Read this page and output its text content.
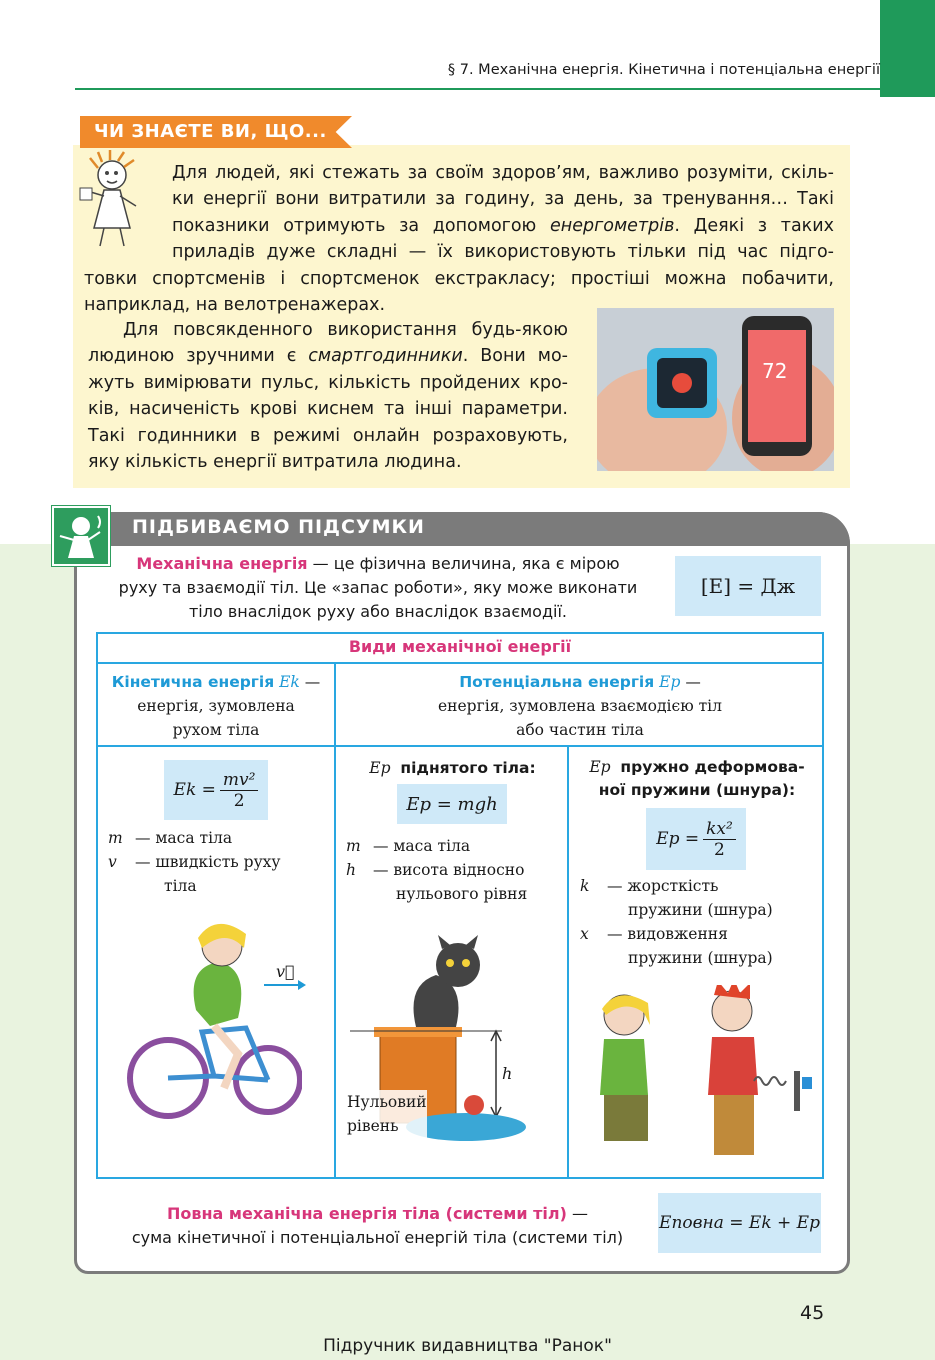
§ 7. Механічна енергія. Кінетична і потенціальна енергії
ЧИ ЗНАЄТЕ ВИ, ЩО...
Для людей, які стежать за своїм здоров’ям, важливо розуміти, скіль-
ки енергії вони витратили за годину, за день, за тренування… Такі
показники отримують за допомогою енергометрів. Деякі з таких
приладів дуже складні — їх використовують тільки під час підго-
товки спортсменів і спортсменок екстракласу; простіші можна побачити,
наприклад, на велотренажерах.
Для повсякденного використання будь-якою
людиною зручними є смартгодинники. Вони мо-
жуть вимірювати пульс, кількість пройдених кро-
ків, насиченість крові киснем та інші параметри.
Такі годинники в режимі онлайн розраховують,
яку кількість енергії витратила людина.
72
ПІДБИВАЄМО ПІДСУМКИ
Механічна енергія — це фізична величина, яка є мірою
руху та взаємодії тіл. Це «запас роботи», яку може виконати
тіло внаслідок руху або внаслідок взаємодії.
[E] = Дж
Види механічної енергії
Кінетична енергія Ek —
енергія, зумовлена
рухом тіла
Потенціальна енергія Ep —
енергія, зумовлена взаємодією тіл
або частин тіла
$Ek = \frac{\text{mv²}}{2}$
m — маса тіла
v — швидкість руху
тіла
v⃗
Ep піднятого тіла:
Ep = mgh
m — маса тіла
h — висота відносно
нульового рівня
h
Нульовий
рівень
Ep пружно деформова-
ної пружини (шнура):
$Ep = \frac{\text{kx²}}{2}$
k — жорсткість
пружини (шнура)
x — видовження
пружини (шнура)
Повна механічна енергія тіла (системи тіл) —
сума кінетичної і потенціальної енергій тіла (системи тіл)
Eповна = Ek + Ep
45
Підручник видавництва "Ранок"
